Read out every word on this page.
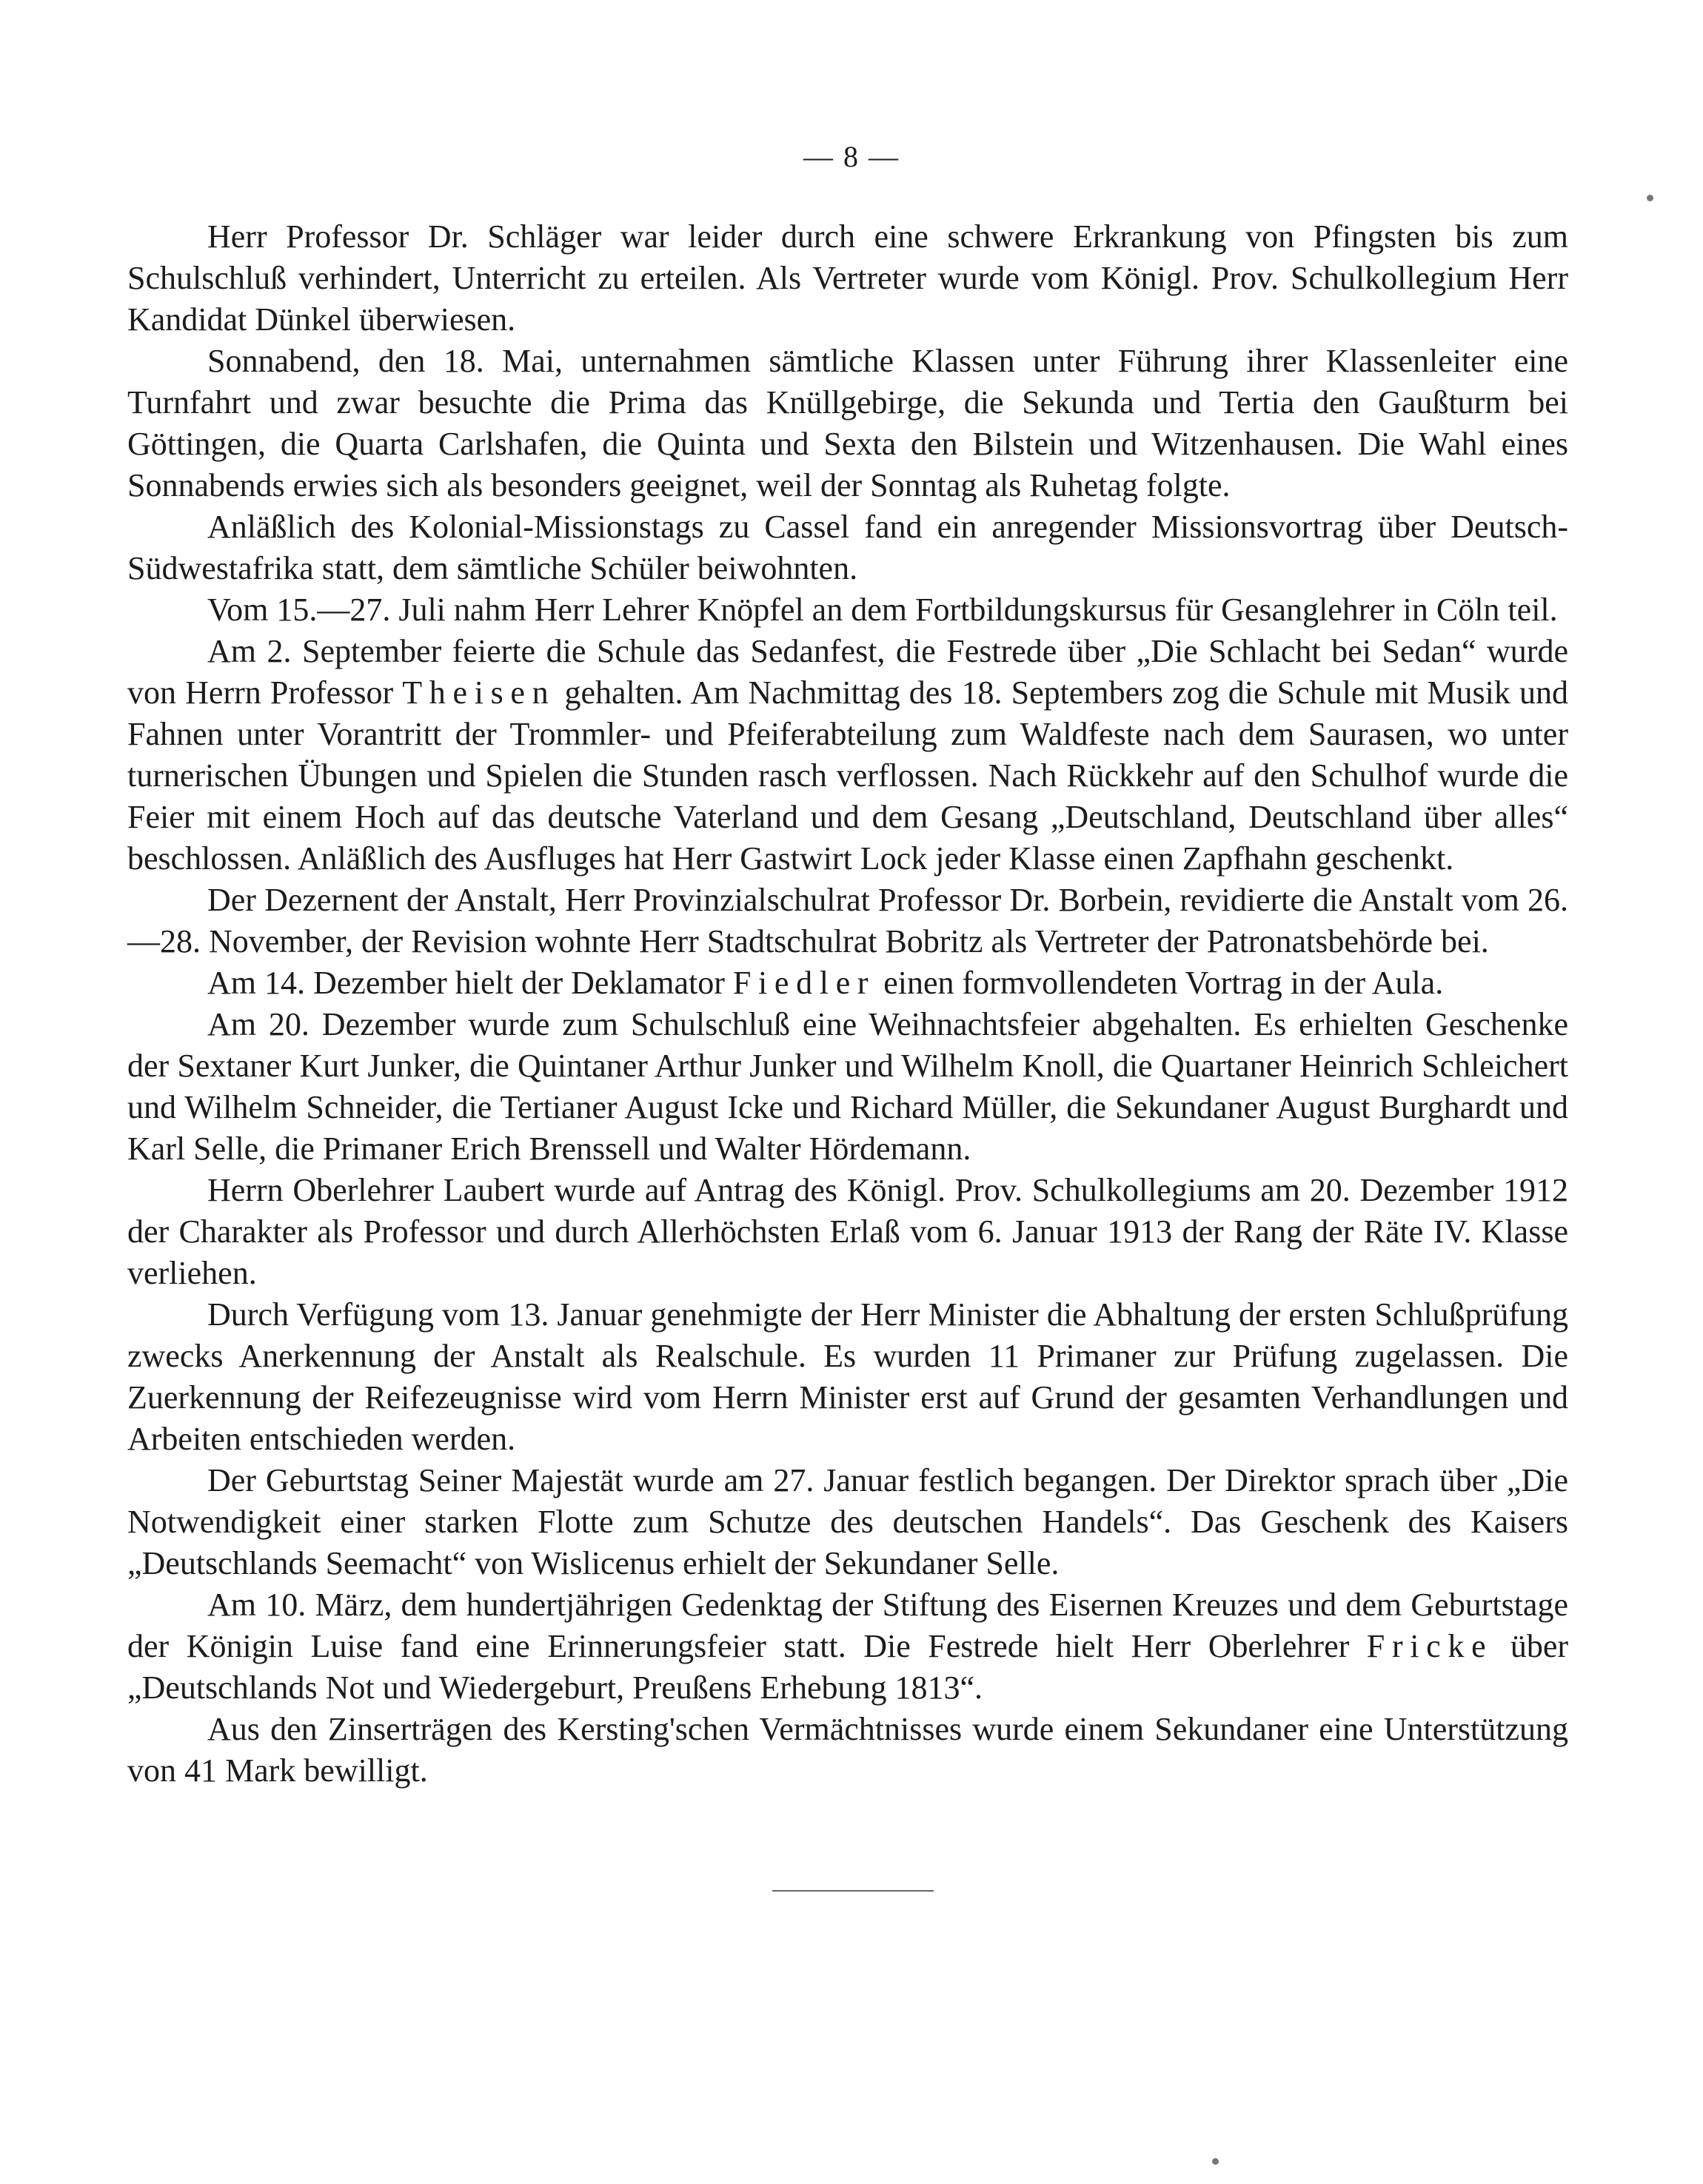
— 8 —

Herr Professor Dr. Schläger war leider durch eine schwere Erkrankung von Pfingsten bis zum Schulschluß verhindert, Unterricht zu erteilen. Als Vertreter wurde vom Königl. Prov. Schulkollegium Herr Kandidat Dünkel überwiesen.

Sonnabend, den 18. Mai, unternahmen sämtliche Klassen unter Führung ihrer Klassenleiter eine Turnfahrt und zwar besuchte die Prima das Knüllgebirge, die Sekunda und Tertia den Gaußturm bei Göttingen, die Quarta Carlshafen, die Quinta und Sexta den Bilstein und Witzenhausen. Die Wahl eines Sonnabends erwies sich als besonders geeignet, weil der Sonntag als Ruhetag folgte.

Anläßlich des Kolonial-Missionstags zu Cassel fand ein anregender Missionsvortrag über Deutsch-Südwestafrika statt, dem sämtliche Schüler beiwohnten.

Vom 15.—27. Juli nahm Herr Lehrer Knöpfel an dem Fortbildungskursus für Gesanglehrer in Cöln teil.

Am 2. September feierte die Schule das Sedanfest, die Festrede über „Die Schlacht bei Sedan“ wurde von Herrn Professor Theisen gehalten. Am Nachmittag des 18. Septembers zog die Schule mit Musik und Fahnen unter Vorantritt der Trommler- und Pfeiferabteilung zum Waldfeste nach dem Saurasen, wo unter turnerischen Übungen und Spielen die Stunden rasch verflossen. Nach Rückkehr auf den Schulhof wurde die Feier mit einem Hoch auf das deutsche Vaterland und dem Gesang „Deutschland, Deutschland über alles“ beschlossen. Anläßlich des Ausfluges hat Herr Gastwirt Lock jeder Klasse einen Zapfhahn geschenkt.

Der Dezernent der Anstalt, Herr Provinzialschulrat Professor Dr. Borbein, revidierte die Anstalt vom 26.—28. November, der Revision wohnte Herr Stadtschulrat Bobritz als Vertreter der Patronatsbehörde bei.

Am 14. Dezember hielt der Deklamator Fiedler einen formvollendeten Vortrag in der Aula.

Am 20. Dezember wurde zum Schulschluß eine Weihnachtsfeier abgehalten. Es erhielten Geschenke der Sextaner Kurt Junker, die Quintaner Arthur Junker und Wilhelm Knoll, die Quartaner Heinrich Schleichert und Wilhelm Schneider, die Tertianer August Icke und Richard Müller, die Sekundaner August Burghardt und Karl Selle, die Primaner Erich Brenssell und Walter Hördemann.

Herrn Oberlehrer Laubert wurde auf Antrag des Königl. Prov. Schulkollegiums am 20. Dezember 1912 der Charakter als Professor und durch Allerhöchsten Erlaß vom 6. Januar 1913 der Rang der Räte IV. Klasse verliehen.

Durch Verfügung vom 13. Januar genehmigte der Herr Minister die Abhaltung der ersten Schlußprüfung zwecks Anerkennung der Anstalt als Realschule. Es wurden 11 Primaner zur Prüfung zugelassen. Die Zuerkennung der Reifezeugnisse wird vom Herrn Minister erst auf Grund der gesamten Verhandlungen und Arbeiten entschieden werden.

Der Geburtstag Seiner Majestät wurde am 27. Januar festlich begangen. Der Direktor sprach über „Die Notwendigkeit einer starken Flotte zum Schutze des deutschen Handels“. Das Geschenk des Kaisers „Deutschlands Seemacht“ von Wislicenus erhielt der Sekundaner Selle.

Am 10. März, dem hundertjährigen Gedenktag der Stiftung des Eisernen Kreuzes und dem Geburtstage der Königin Luise fand eine Erinnerungsfeier statt. Die Festrede hielt Herr Oberlehrer Fricke über „Deutschlands Not und Wiedergeburt, Preußens Erhebung 1813“.

Aus den Zinserträgen des Kersting'schen Vermächtnisses wurde einem Sekundaner eine Unterstützung von 41 Mark bewilligt.
